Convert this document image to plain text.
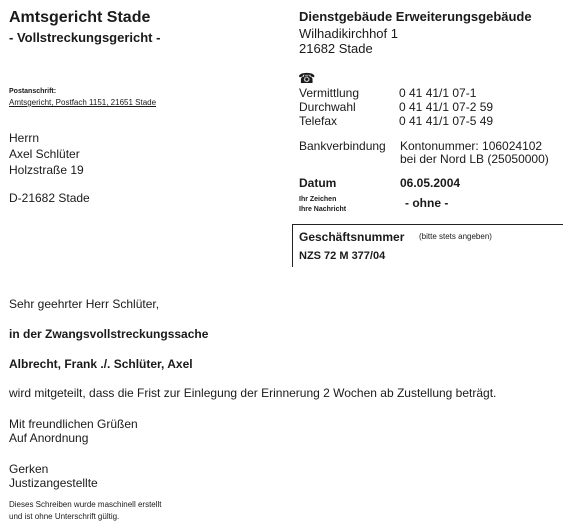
Amtsgericht Stade
- Vollstreckungsgericht -
Dienstgebäude Erweiterungsgebäude
Wilhadikirchhof 1
21682 Stade
☎
Vermittlung	0 41 41/1 07-1
Durchwahl	0 41 41/1 07-2 59
Telefax	0 41 41/1 07-5 49
Bankverbindung Kontonummer: 106024102
bei der Nord LB (25050000)
Datum	06.05.2004
Ihr Zeichen
Ihre Nachricht	- ohne -
Geschäftsnummer (bitte stets angeben)
NZS 72 M 377/04
Postanschrift:
Amtsgericht, Postfach 1151, 21651 Stade
Herrn
Axel Schlüter
Holzstraße 19
D-21682 Stade
Sehr geehrter Herr Schlüter,
in der Zwangsvollstreckungssache
Albrecht, Frank ./. Schlüter, Axel
wird mitgeteilt, dass die Frist zur Einlegung der Erinnerung 2 Wochen ab Zustellung beträgt.
Mit freundlichen Grüßen
Auf Anordnung
Gerken
Justizangestellte
Dieses Schreiben wurde maschinell erstellt
und ist ohne Unterschrift gültig.
